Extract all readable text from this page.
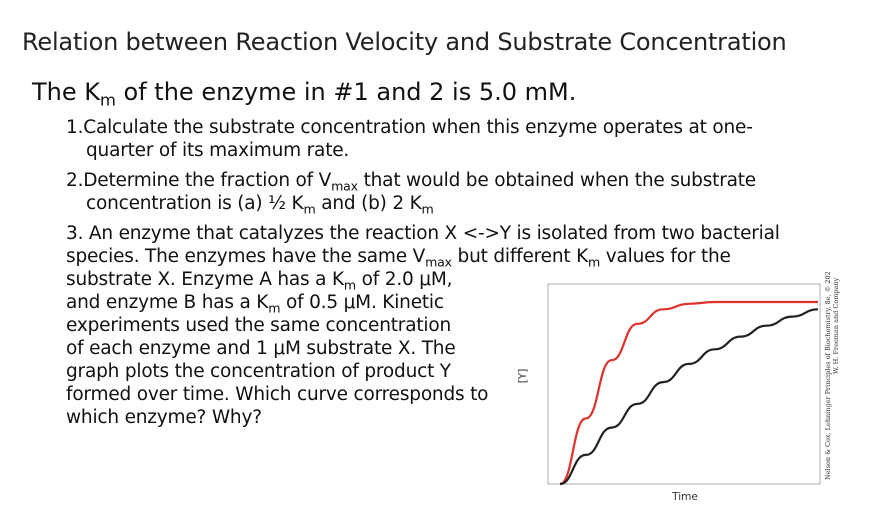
Relation between Reaction Velocity and Substrate Concentration
The $K_m$ of the enzyme in #1 and 2 is 5.0 mM.
1.Calculate the substrate concentration when this enzyme operates at one-
quarter of its maximum rate.
2.Determine the fraction of $V_{max}$ that would be obtained when the substrate
concentration is (a) ½ $K_m$ and (b) 2 $K_m$
3. An enzyme that catalyzes the reaction X <->Y is isolated from two bacterial
species. The enzymes have the same $V_{max}$ but different $K_m$ values for the
substrate X. Enzyme A has a $K_m$ of 2.0 μM,
and enzyme B has a $K_m$ of 0.5 μM. Kinetic
experiments used the same concentration
of each enzyme and 1 μM substrate X. The
graph plots the concentration of product Y
formed over time. Which curve corresponds to
which enzyme? Why?
[Y]
Time
Nelson & Cox, Lehninger Principles of Biochemistry, 8e, © 2021 W. H. Freeman and Company
